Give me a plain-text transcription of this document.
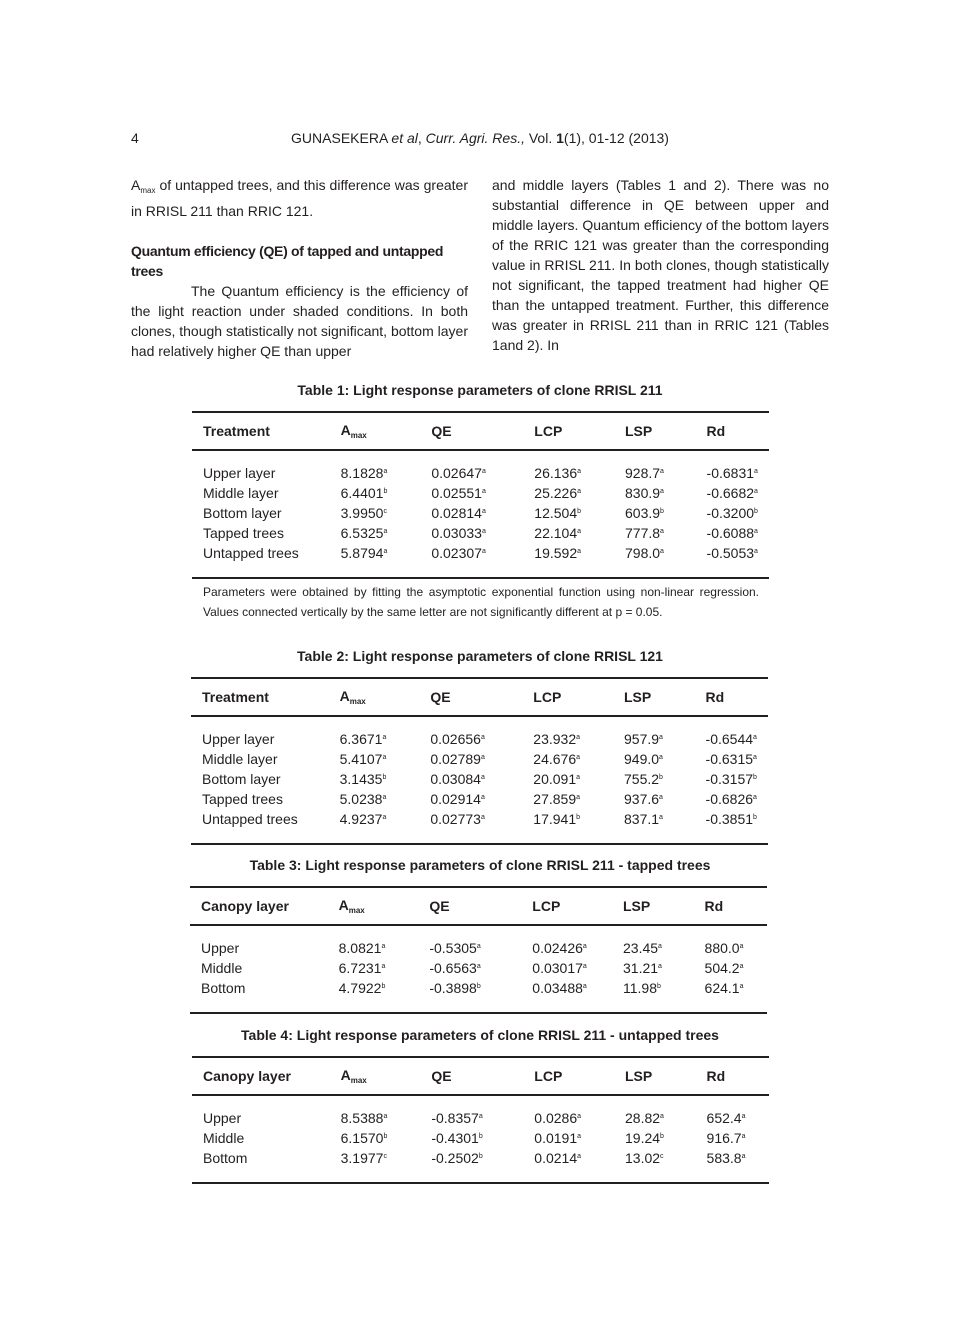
4	GUNASEKERA et al, Curr. Agri. Res., Vol. 1(1), 01-12 (2013)

$A_{max}$ of untapped trees, and this difference was greater in RRISL 211 than RRIC 121.

Quantum efficiency (QE) of tapped and untapped trees

The Quantum efficiency is the efficiency of the light reaction under shaded conditions. In both clones, though statistically not significant, bottom layer had relatively higher QE than upper

and middle layers (Tables 1 and 2). There was no substantial difference in QE between upper and middle layers. Quantum efficiency of the bottom layers of the RRIC 121 was greater than the corresponding value in RRISL 211. In both clones, though statistically not significant, the tapped treatment had higher QE than the untapped treatment. Further, this difference was greater in RRISL 211 than in RRIC 121 (Tables 1and 2). In

Table 1: Light response parameters of clone RRISL 211
Treatment	$A_{max}$	QE	LCP	LSP	Rd

Upper layer	8.1828$^a$	0.02647$^a$	26.136$^a$	928.7$^a$	-0.6831$^a$
Middle layer	6.4401$^b$	0.02551$^a$	25.226$^a$	830.9$^a$	-0.6682$^a$
Bottom layer	3.9950$^c$	0.02814$^a$	12.504$^b$	603.9$^b$	-0.3200$^b$
Tapped trees	6.5325$^a$	0.03033$^a$	22.104$^a$	777.8$^a$	-0.6088$^a$
Untapped trees	5.8794$^a$	0.02307$^a$	19.592$^a$	798.0$^a$	-0.5053$^a$

Parameters were obtained by fitting the asymptotic exponential function using non-linear regression. Values connected vertically by the same letter are not significantly different at p = 0.05.
Table 2: Light response parameters of clone RRISL 121
Treatment	$A_{max}$	QE	LCP	LSP	Rd

Upper layer	6.3671$^a$	0.02656$^a$	23.932$^a$	957.9$^a$	-0.6544$^a$
Middle layer	5.4107$^a$	0.02789$^a$	24.676$^a$	949.0$^a$	-0.6315$^a$
Bottom layer	3.1435$^b$	0.03084$^a$	20.091$^a$	755.2$^b$	-0.3157$^b$
Tapped trees	5.0238$^a$	0.02914$^a$	27.859$^a$	937.6$^a$	-0.6826$^a$
Untapped trees	4.9237$^a$	0.02773$^a$	17.941$^b$	837.1$^a$	-0.3851$^b$

Table 3: Light response parameters of clone RRISL 211 - tapped trees
Canopy layer	$A_{max}$	QE	LCP	LSP	Rd

Upper	8.0821$^a$	-0.5305$^a$	0.02426$^a$	23.45$^a$	880.0$^a$
Middle	6.7231$^a$	-0.6563$^a$	0.03017$^a$	31.21$^a$	504.2$^a$
Bottom	4.7922$^b$	-0.3898$^b$	0.03488$^a$	11.98$^b$	624.1$^a$

Table 4: Light response parameters of clone RRISL 211 - untapped trees
Canopy layer	$A_{max}$	QE	LCP	LSP	Rd

Upper	8.5388$^a$	-0.8357$^a$	0.0286$^a$	28.82$^a$	652.4$^a$
Middle	6.1570$^b$	-0.4301$^b$	0.0191$^a$	19.24$^b$	916.7$^a$
Bottom	3.1977$^c$	-0.2502$^b$	0.0214$^a$	13.02$^c$	583.8$^a$
